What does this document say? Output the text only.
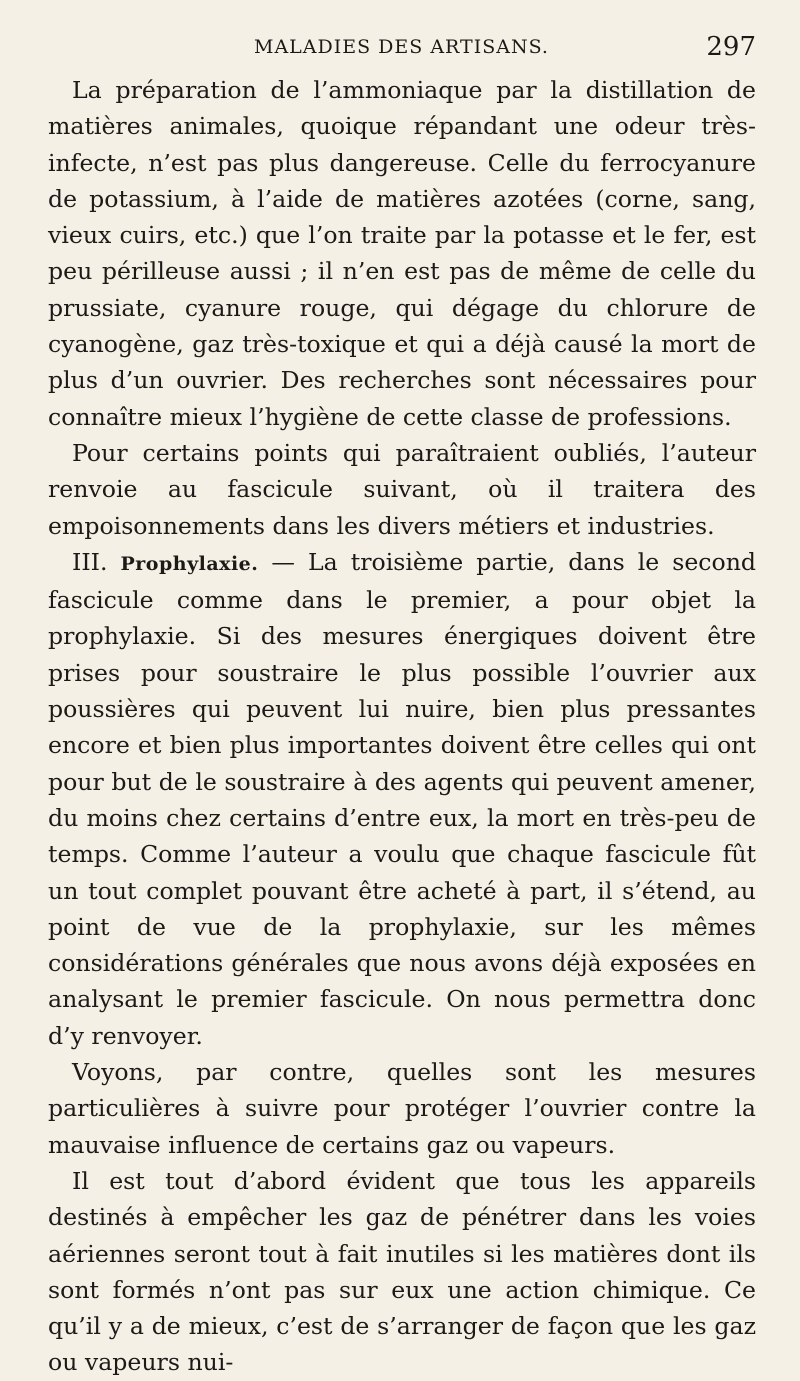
MALADIES DES ARTISANS.	297

La préparation de l’ammoniaque par la distillation de matières animales, quoique répandant une odeur très-infecte, n’est pas plus dangereuse. Celle du ferrocyanure de potassium, à l’aide de matières azotées (corne, sang, vieux cuirs, etc.) que l’on traite par la potasse et le fer, est peu périlleuse aussi ; il n’en est pas de même de celle du prussiate, cyanure rouge, qui dégage du chlorure de cyanogène, gaz très-toxique et qui a déjà causé la mort de plus d’un ouvrier. Des recherches sont nécessaires pour connaître mieux l’hygiène de cette classe de professions.

Pour certains points qui paraîtraient oubliés, l’auteur renvoie au fascicule suivant, où il traitera des empoisonnements dans les divers métiers et industries.

III. Prophylaxie. — La troisième partie, dans le second fascicule comme dans le premier, a pour objet la prophylaxie. Si des mesures énergiques doivent être prises pour soustraire le plus possible l’ouvrier aux poussières qui peuvent lui nuire, bien plus pressantes encore et bien plus importantes doivent être celles qui ont pour but de le soustraire à des agents qui peuvent amener, du moins chez certains d’entre eux, la mort en très-peu de temps. Comme l’auteur a voulu que chaque fascicule fût un tout complet pouvant être acheté à part, il s’étend, au point de vue de la prophylaxie, sur les mêmes considérations générales que nous avons déjà exposées en analysant le premier fascicule. On nous permettra donc d’y renvoyer.

Voyons, par contre, quelles sont les mesures particulières à suivre pour protéger l’ouvrier contre la mauvaise influence de certains gaz ou vapeurs.

Il est tout d’abord évident que tous les appareils destinés à empêcher les gaz de pénétrer dans les voies aériennes seront tout à fait inutiles si les matières dont ils sont formés n’ont pas sur eux une action chimique. Ce qu’il y a de mieux, c’est de s’arranger de façon que les gaz ou vapeurs nui-
